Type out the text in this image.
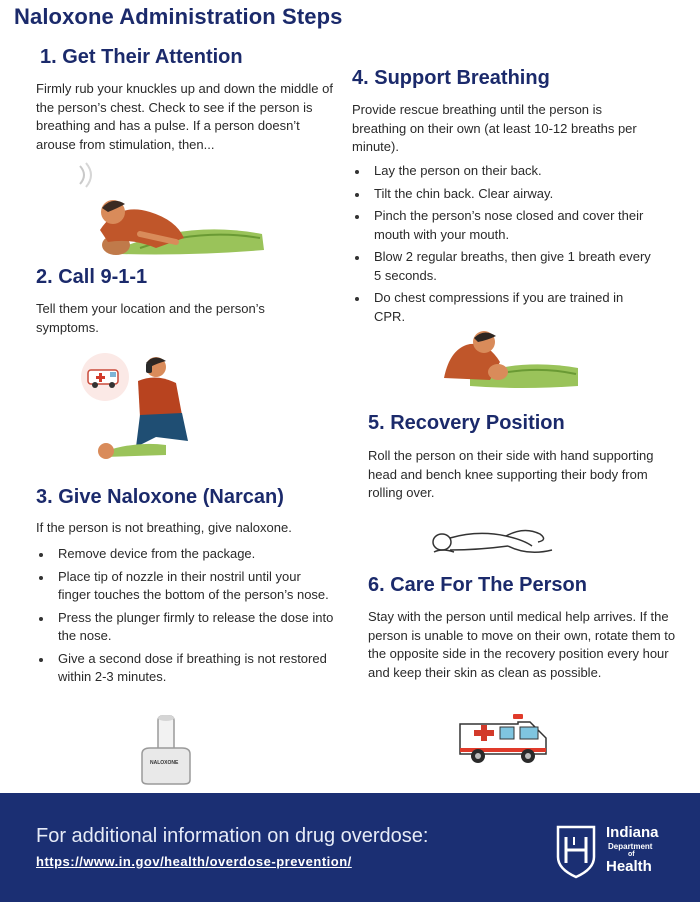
Naloxone Administration Steps
1. Get Their Attention
Firmly rub your knuckles up and down the middle of the person’s chest. Check to see if the person is breathing and has a pulse. If a person doesn’t arouse from stimulation, then...
2. Call 9-1-1
Tell them your location and the person’s symptoms.
3. Give Naloxone (Narcan)
If the person is not breathing, give naloxone.
Remove device from the package.
Place tip of nozzle in their nostril until your finger touches the bottom of the person’s nose.
Press the plunger firmly to release the dose into the nose.
Give a second dose if breathing is not restored within 2-3 minutes.
NALOXONE
4. Support Breathing
Provide rescue breathing until the person is breathing on their own (at least 10-12 breaths per minute).
Lay the person on their back.
Tilt the chin back. Clear airway.
Pinch the person’s nose closed and cover their mouth with your mouth.
Blow 2 regular breaths, then give 1 breath every 5 seconds.
Do chest compressions if you are trained in CPR.
5. Recovery Position
Roll the person on their side with hand supporting head and bench knee supporting their body from rolling over.
6. Care For The Person
Stay with the person until medical help arrives. If the person is unable to move on their own, rotate them to the opposite side in the recovery position every hour and keep their skin as clean as possible.
For additional information on drug overdose:
https://www.in.gov/health/overdose-prevention/
Indiana
Department
of
Health
